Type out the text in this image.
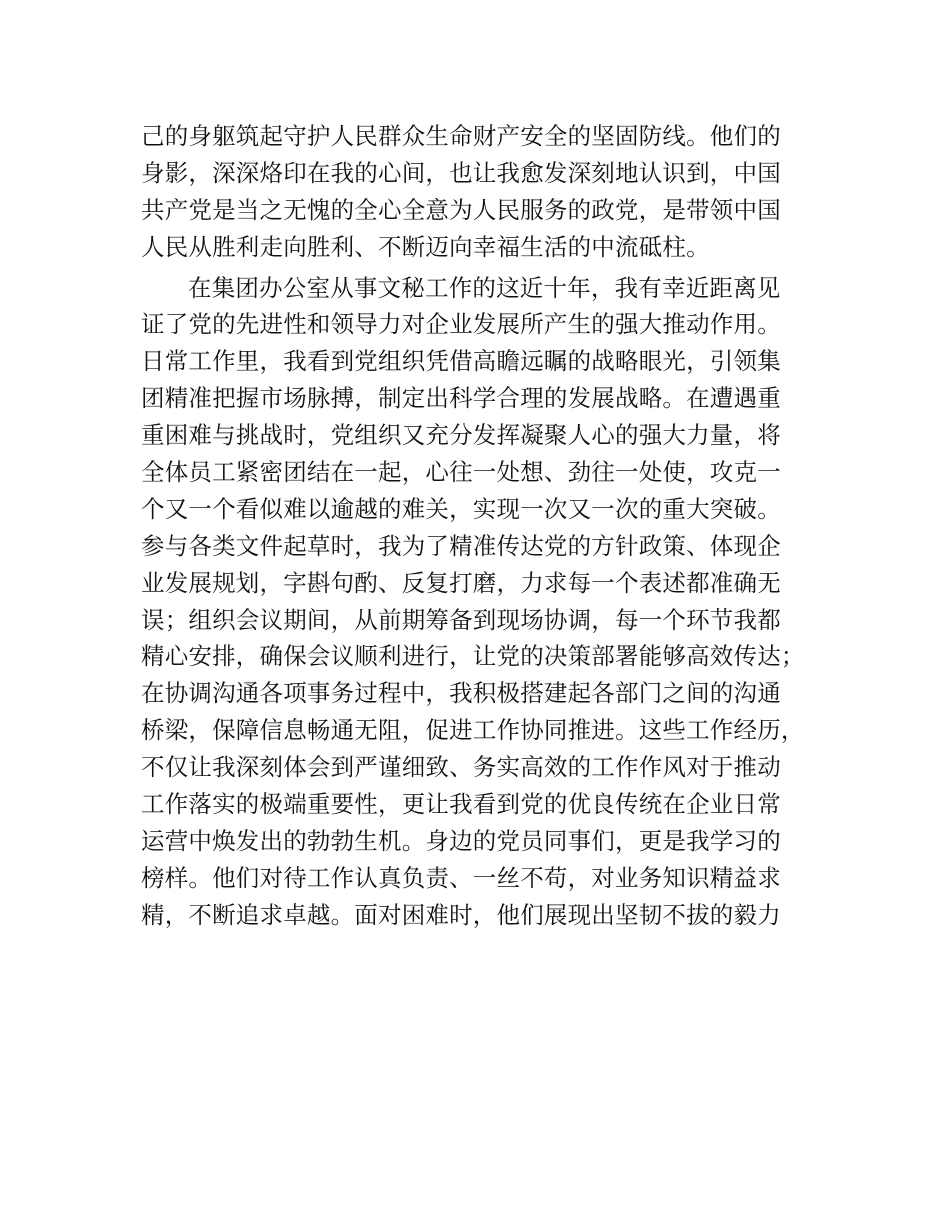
己的身躯筑起守护人民群众生命财产安全的坚固防线。他们的
身影，深深烙印在我的心间，也让我愈发深刻地认识到，中国
共产党是当之无愧的全心全意为人民服务的政党，是带领中国
人民从胜利走向胜利、不断迈向幸福生活的中流砥柱。
在集团办公室从事文秘工作的这近十年，我有幸近距离见
证了党的先进性和领导力对企业发展所产生的强大推动作用。
日常工作里，我看到党组织凭借高瞻远瞩的战略眼光，引领集
团精准把握市场脉搏，制定出科学合理的发展战略。在遭遇重
重困难与挑战时，党组织又充分发挥凝聚人心的强大力量，将
全体员工紧密团结在一起，心往一处想、劲往一处使，攻克一
个又一个看似难以逾越的难关，实现一次又一次的重大突破。
参与各类文件起草时，我为了精准传达党的方针政策、体现企
业发展规划，字斟句酌、反复打磨，力求每一个表述都准确无
误；组织会议期间，从前期筹备到现场协调，每一个环节我都
精心安排，确保会议顺利进行，让党的决策部署能够高效传达；
在协调沟通各项事务过程中，我积极搭建起各部门之间的沟通
桥梁，保障信息畅通无阻，促进工作协同推进。这些工作经历，
不仅让我深刻体会到严谨细致、务实高效的工作作风对于推动
工作落实的极端重要性，更让我看到党的优良传统在企业日常
运营中焕发出的勃勃生机。身边的党员同事们，更是我学习的
榜样。他们对待工作认真负责、一丝不苟，对业务知识精益求
精，不断追求卓越。面对困难时，他们展现出坚韧不拔的毅力
